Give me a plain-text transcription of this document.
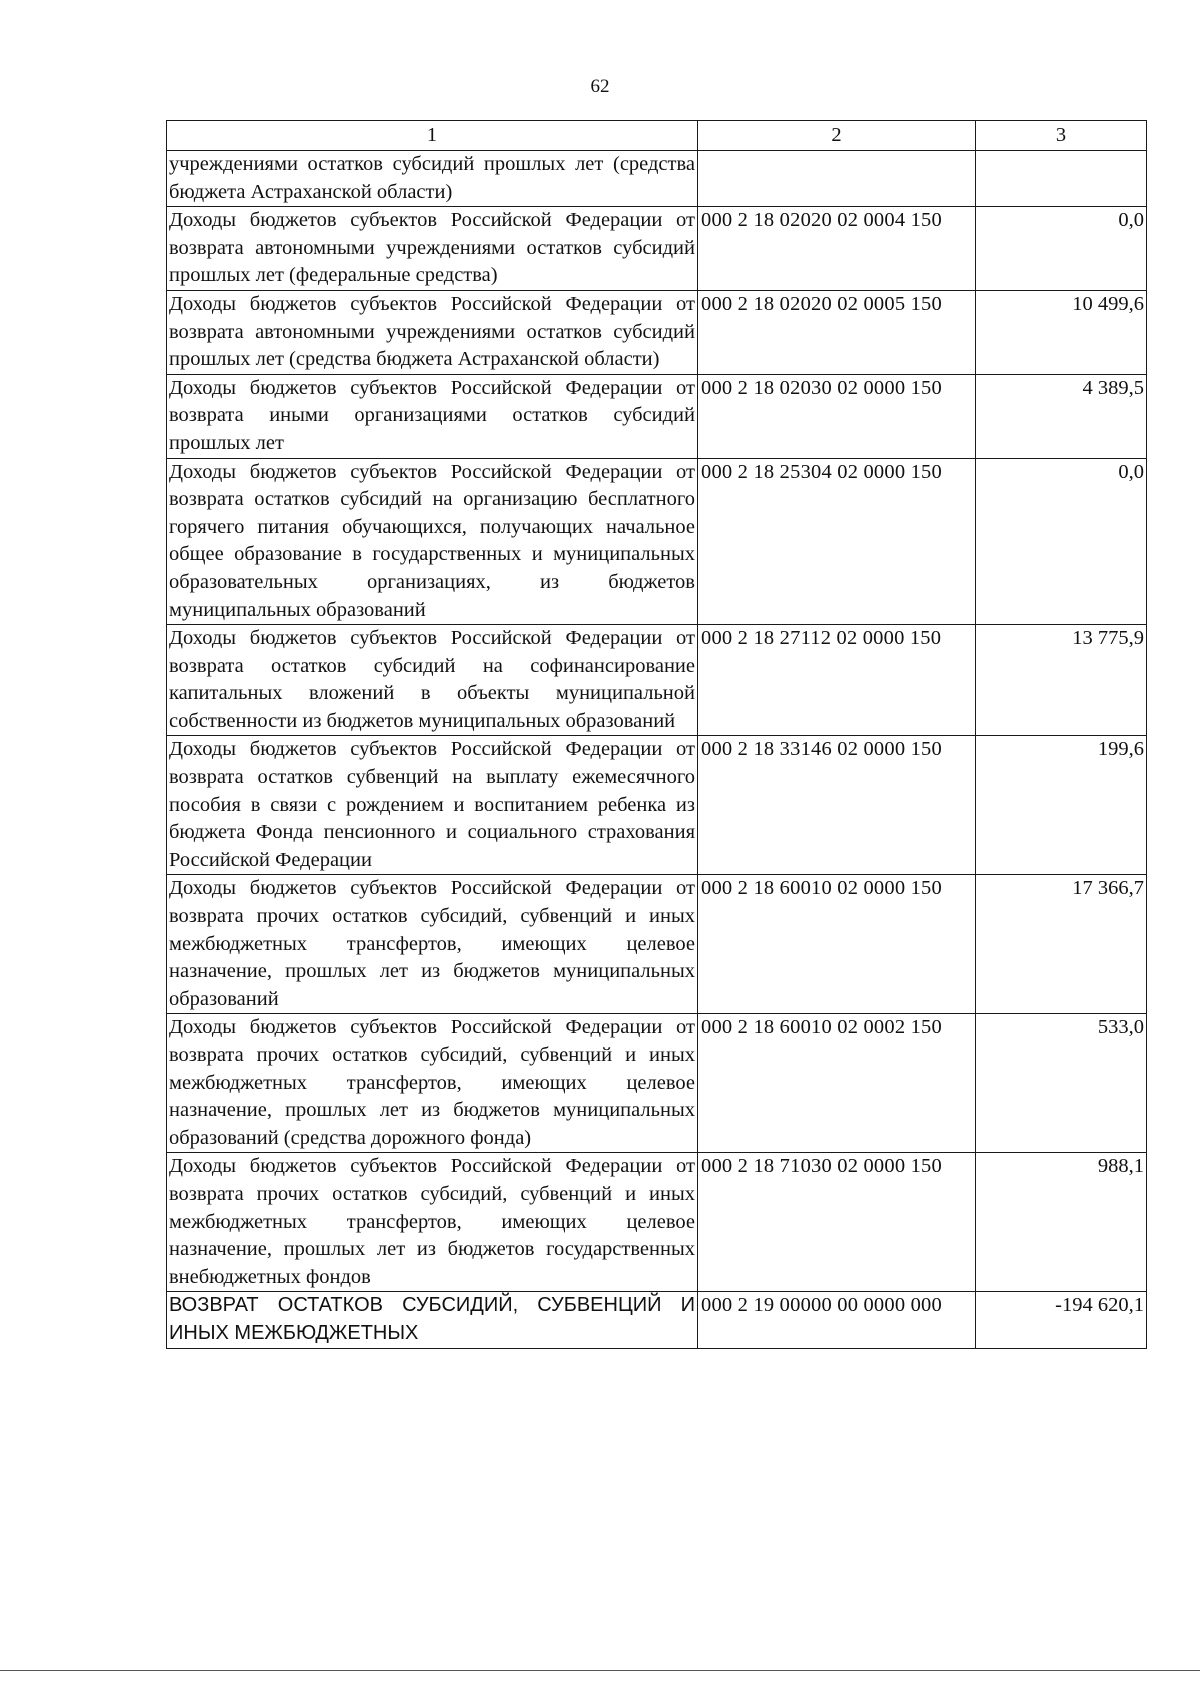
62
1	2	3
учреждениями остатков субсидий прошлых лет (средства бюджета Астраханской области)		
Доходы бюджетов субъектов Российской Федерации от возврата автономными учреждениями остатков субсидий прошлых лет (федеральные средства)	000 2 18 02020 02 0004 150	0,0
Доходы бюджетов субъектов Российской Федерации от возврата автономными учреждениями остатков субсидий прошлых лет (средства бюджета Астраханской области)	000 2 18 02020 02 0005 150	10 499,6
Доходы бюджетов субъектов Российской Федерации от возврата иными организациями остатков субсидий прошлых лет	000 2 18 02030 02 0000 150	4 389,5
Доходы бюджетов субъектов Российской Федерации от возврата остатков субсидий на организацию бесплатного горячего питания обучающихся, получающих начальное общее образование в государственных и муниципальных образовательных организациях, из бюджетов муниципальных образований	000 2 18 25304 02 0000 150	0,0
Доходы бюджетов субъектов Российской Федерации от возврата остатков субсидий на софинансирование капитальных вложений в объекты муниципальной собственности из бюджетов муниципальных образований	000 2 18 27112 02 0000 150	13 775,9
Доходы бюджетов субъектов Российской Федерации от возврата остатков субвенций на выплату ежемесячного пособия в связи с рождением и воспитанием ребенка из бюджета Фонда пенсионного и социального страхования Российской Федерации	000 2 18 33146 02 0000 150	199,6
Доходы бюджетов субъектов Российской Федерации от возврата прочих остатков субсидий, субвенций и иных межбюджетных трансфертов, имеющих целевое назначение, прошлых лет из бюджетов муниципальных образований	000 2 18 60010 02 0000 150	17 366,7
Доходы бюджетов субъектов Российской Федерации от возврата прочих остатков субсидий, субвенций и иных межбюджетных трансфертов, имеющих целевое назначение, прошлых лет из бюджетов муниципальных образований (средства дорожного фонда)	000 2 18 60010 02 0002 150	533,0
Доходы бюджетов субъектов Российской Федерации от возврата прочих остатков субсидий, субвенций и иных межбюджетных трансфертов, имеющих целевое назначение, прошлых лет из бюджетов государственных внебюджетных фондов	000 2 18 71030 02 0000 150	988,1
ВОЗВРАТ ОСТАТКОВ СУБСИДИЙ, СУБВЕНЦИЙ И ИНЫХ МЕЖБЮДЖЕТНЫХ	000 2 19 00000 00 0000 000	-194 620,1
